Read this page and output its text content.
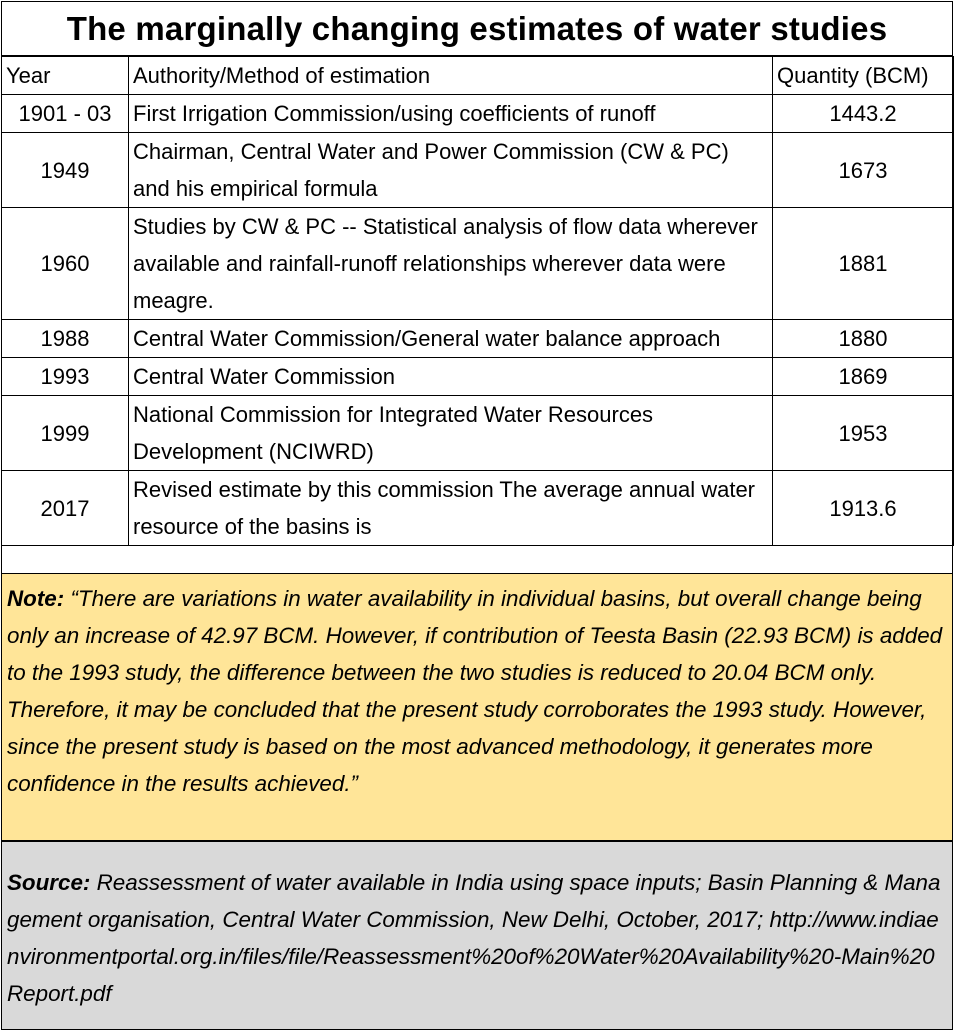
The marginally changing estimates of water studies
Year	Authority/Method of estimation	Quantity (BCM)
1901 - 03	First Irrigation Commission/using coefficients of runoff	1443.2
1949	Chairman, Central Water and Power Commission (CW & PC) and his empirical formula	1673
1960	Studies by CW & PC -- Statistical analysis of flow data wherever available and rainfall-runoff relationships wherever data were meagre.	1881
1988	Central Water Commission/General water balance approach	1880
1993	Central Water Commission	1869
1999	National Commission for Integrated Water Resources Development (NCIWRD)	1953
2017	Revised estimate by this commission The average annual water resource of the basins is	1913.6
Note: “There are variations in water availability in individual basins, but overall change being only an increase of 42.97 BCM. However, if contribution of Teesta Basin (22.93 BCM) is added to the 1993 study, the difference between the two studies is reduced to 20.04 BCM only. Therefore, it may be concluded that the present study corroborates the 1993 study. However, since the present study is based on the most advanced methodology, it generates more confidence in the results achieved.”
Source: Reassessment of water available in India using space inputs; Basin Planning & Management organisation, Central Water Commission, New Delhi, October, 2017; http://www.indiaenvironmentportal.org.in/files/file/Reassessment%20of%20Water%20Availability%20-Main%20Report.pdf
